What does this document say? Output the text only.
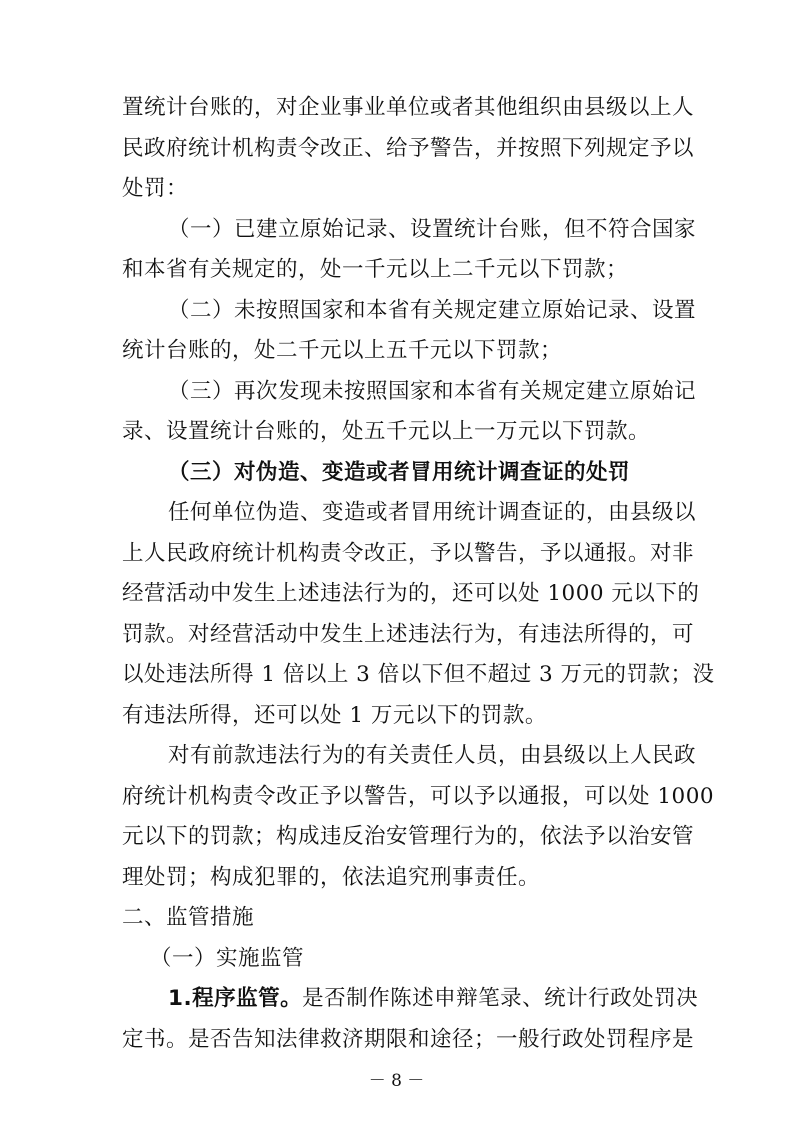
置统计台账的，对企业事业单位或者其他组织由县级以上人
民政府统计机构责令改正、给予警告，并按照下列规定予以
处罚：
（一）已建立原始记录、设置统计台账，但不符合国家
和本省有关规定的，处一千元以上二千元以下罚款；
（二）未按照国家和本省有关规定建立原始记录、设置
统计台账的，处二千元以上五千元以下罚款；
（三）再次发现未按照国家和本省有关规定建立原始记
录、设置统计台账的，处五千元以上一万元以下罚款。
（三）对伪造、变造或者冒用统计调查证的处罚
任何单位伪造、变造或者冒用统计调查证的，由县级以
上人民政府统计机构责令改正，予以警告，予以通报。对非
经营活动中发生上述违法行为的，还可以处 1000 元以下的
罚款。对经营活动中发生上述违法行为，有违法所得的，可
以处违法所得 1 倍以上 3 倍以下但不超过 3 万元的罚款；没
有违法所得，还可以处 1 万元以下的罚款。
对有前款违法行为的有关责任人员，由县级以上人民政
府统计机构责令改正予以警告，可以予以通报，可以处 1000
元以下的罚款；构成违反治安管理行为的，依法予以治安管
理处罚；构成犯罪的，依法追究刑事责任。
二、监管措施
－ 8 －
（一）实施监管
1.程序监管。是否制作陈述申辩笔录、统计行政处罚决
定书。是否告知法律救济期限和途径；一般行政处罚程序是
